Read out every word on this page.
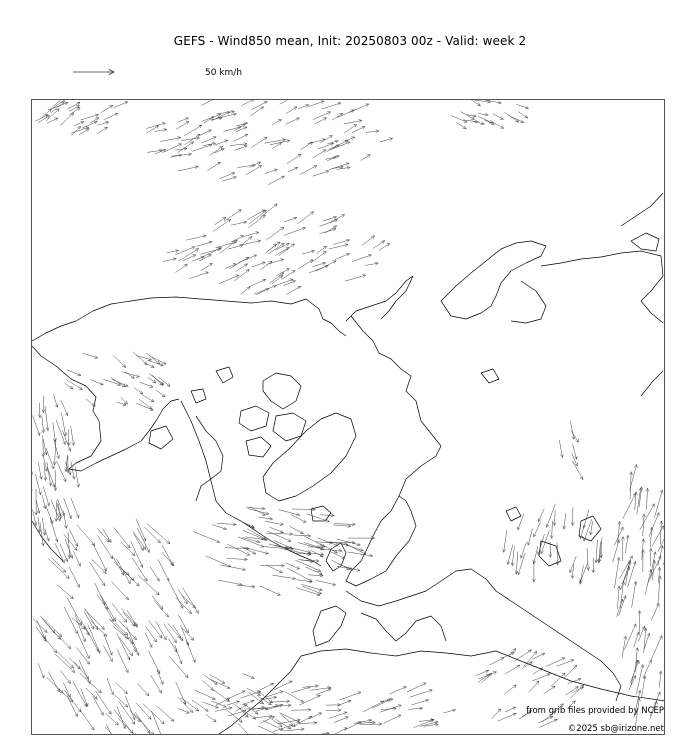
GEFS - Wind850 mean, Init: 20250803 00z - Valid: week 2
50 km/h
from grib files provided by NCEP
©2025 sb@irizone.net
